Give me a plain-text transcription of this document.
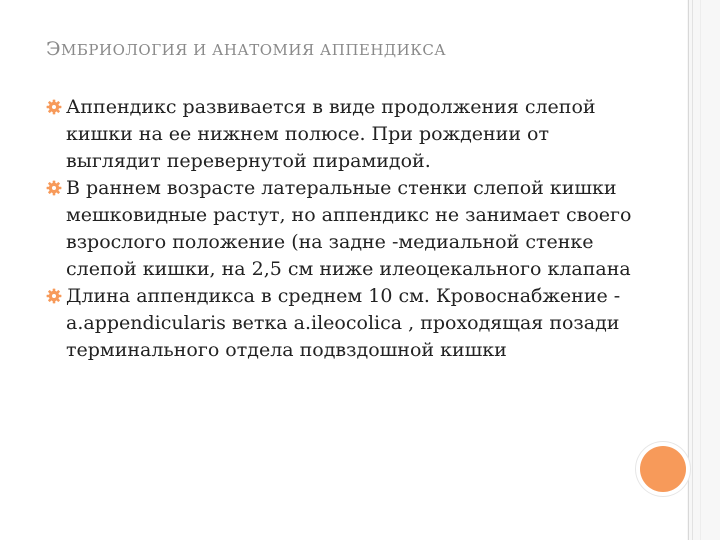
ЭМБРИОЛОГИЯ И АНАТОМИЯ АППЕНДИКСА
Аппендикс развивается в виде продолжения слепой кишки на ее нижнем полюсе. При рождении от выглядит перевернутой пирамидой.
В раннем возрасте латеральные стенки слепой кишки мешковидные растут, но аппендикс не занимает своего взрослого положение (на задне -медиальной стенке слепой кишки, на 2,5 см ниже илеоцекального клапана
Длина аппендикса в среднем 10 см. Кровоснабжение - a.appendicularis ветка a.ileocolica , проходящая позади терминального отдела подвздошной кишки
